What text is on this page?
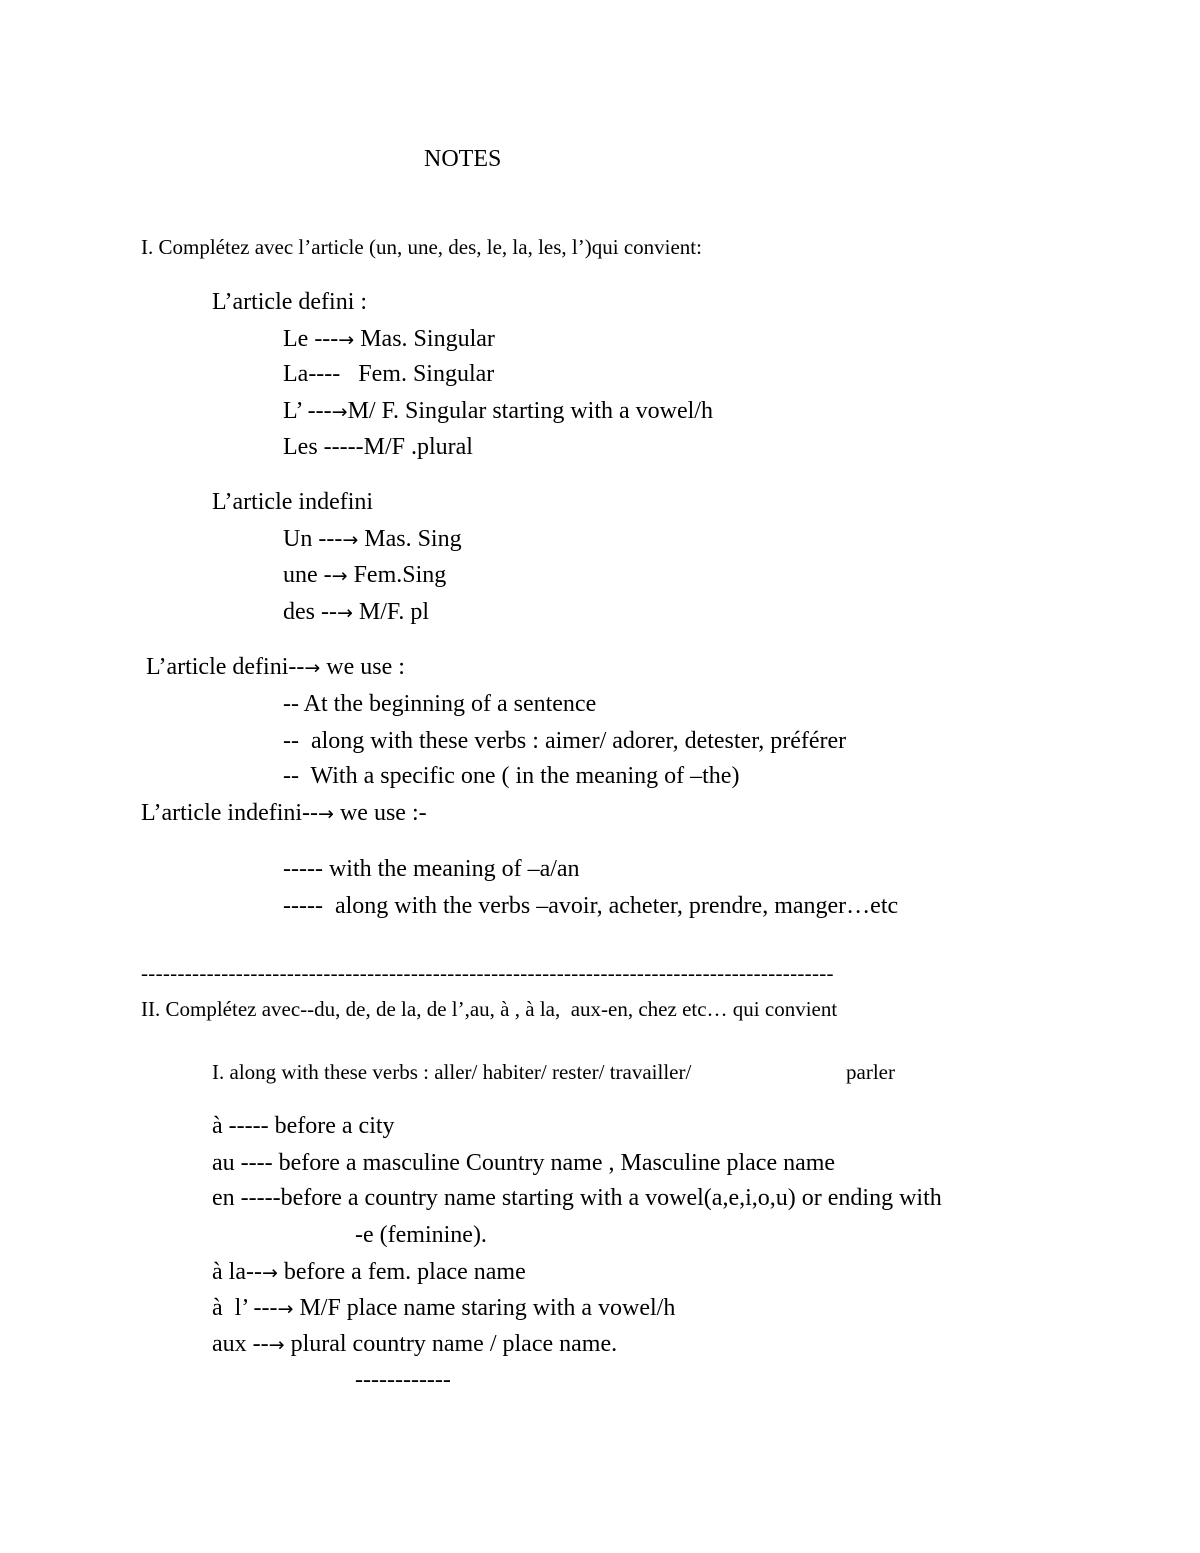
NOTES
I. Complétez avec l’article (un, une, des, le, la, les, l’)qui convient:
L’article defini :
Le ---→ Mas. Singular
La----   Fem. Singular
L’ ---→M/ F. Singular starting with a vowel/h
Les -----M/F .plural
L’article indefini
Un ---→ Mas. Sing
une -→ Fem.Sing
des --→ M/F. pl
L’article defini--→ we use :
-- At the beginning of a sentence
--  along with these verbs : aimer/ adorer, detester, préférer
--  With a specific one ( in the meaning of –the)
L’article indefini--→ we use :-
----- with the meaning of –a/an
-----  along with the verbs –avoir, acheter, prendre, manger…etc
-----------------------------------------------------------------------------------------------
II. Complétez avec--du, de, de la, de l’,au, à , à la,  aux-en, chez etc… qui convient
I. along with these verbs : aller/ habiter/ rester/ travailler/	parler
à ----- before a city
au ---- before a masculine Country name , Masculine place name
en -----before a country name starting with a vowel(a,e,i,o,u) or ending with
-e (feminine).
à la--→ before a fem. place name
à  l’ ---→ M/F place name staring with a vowel/h
aux --→ plural country name / place name.
------------
